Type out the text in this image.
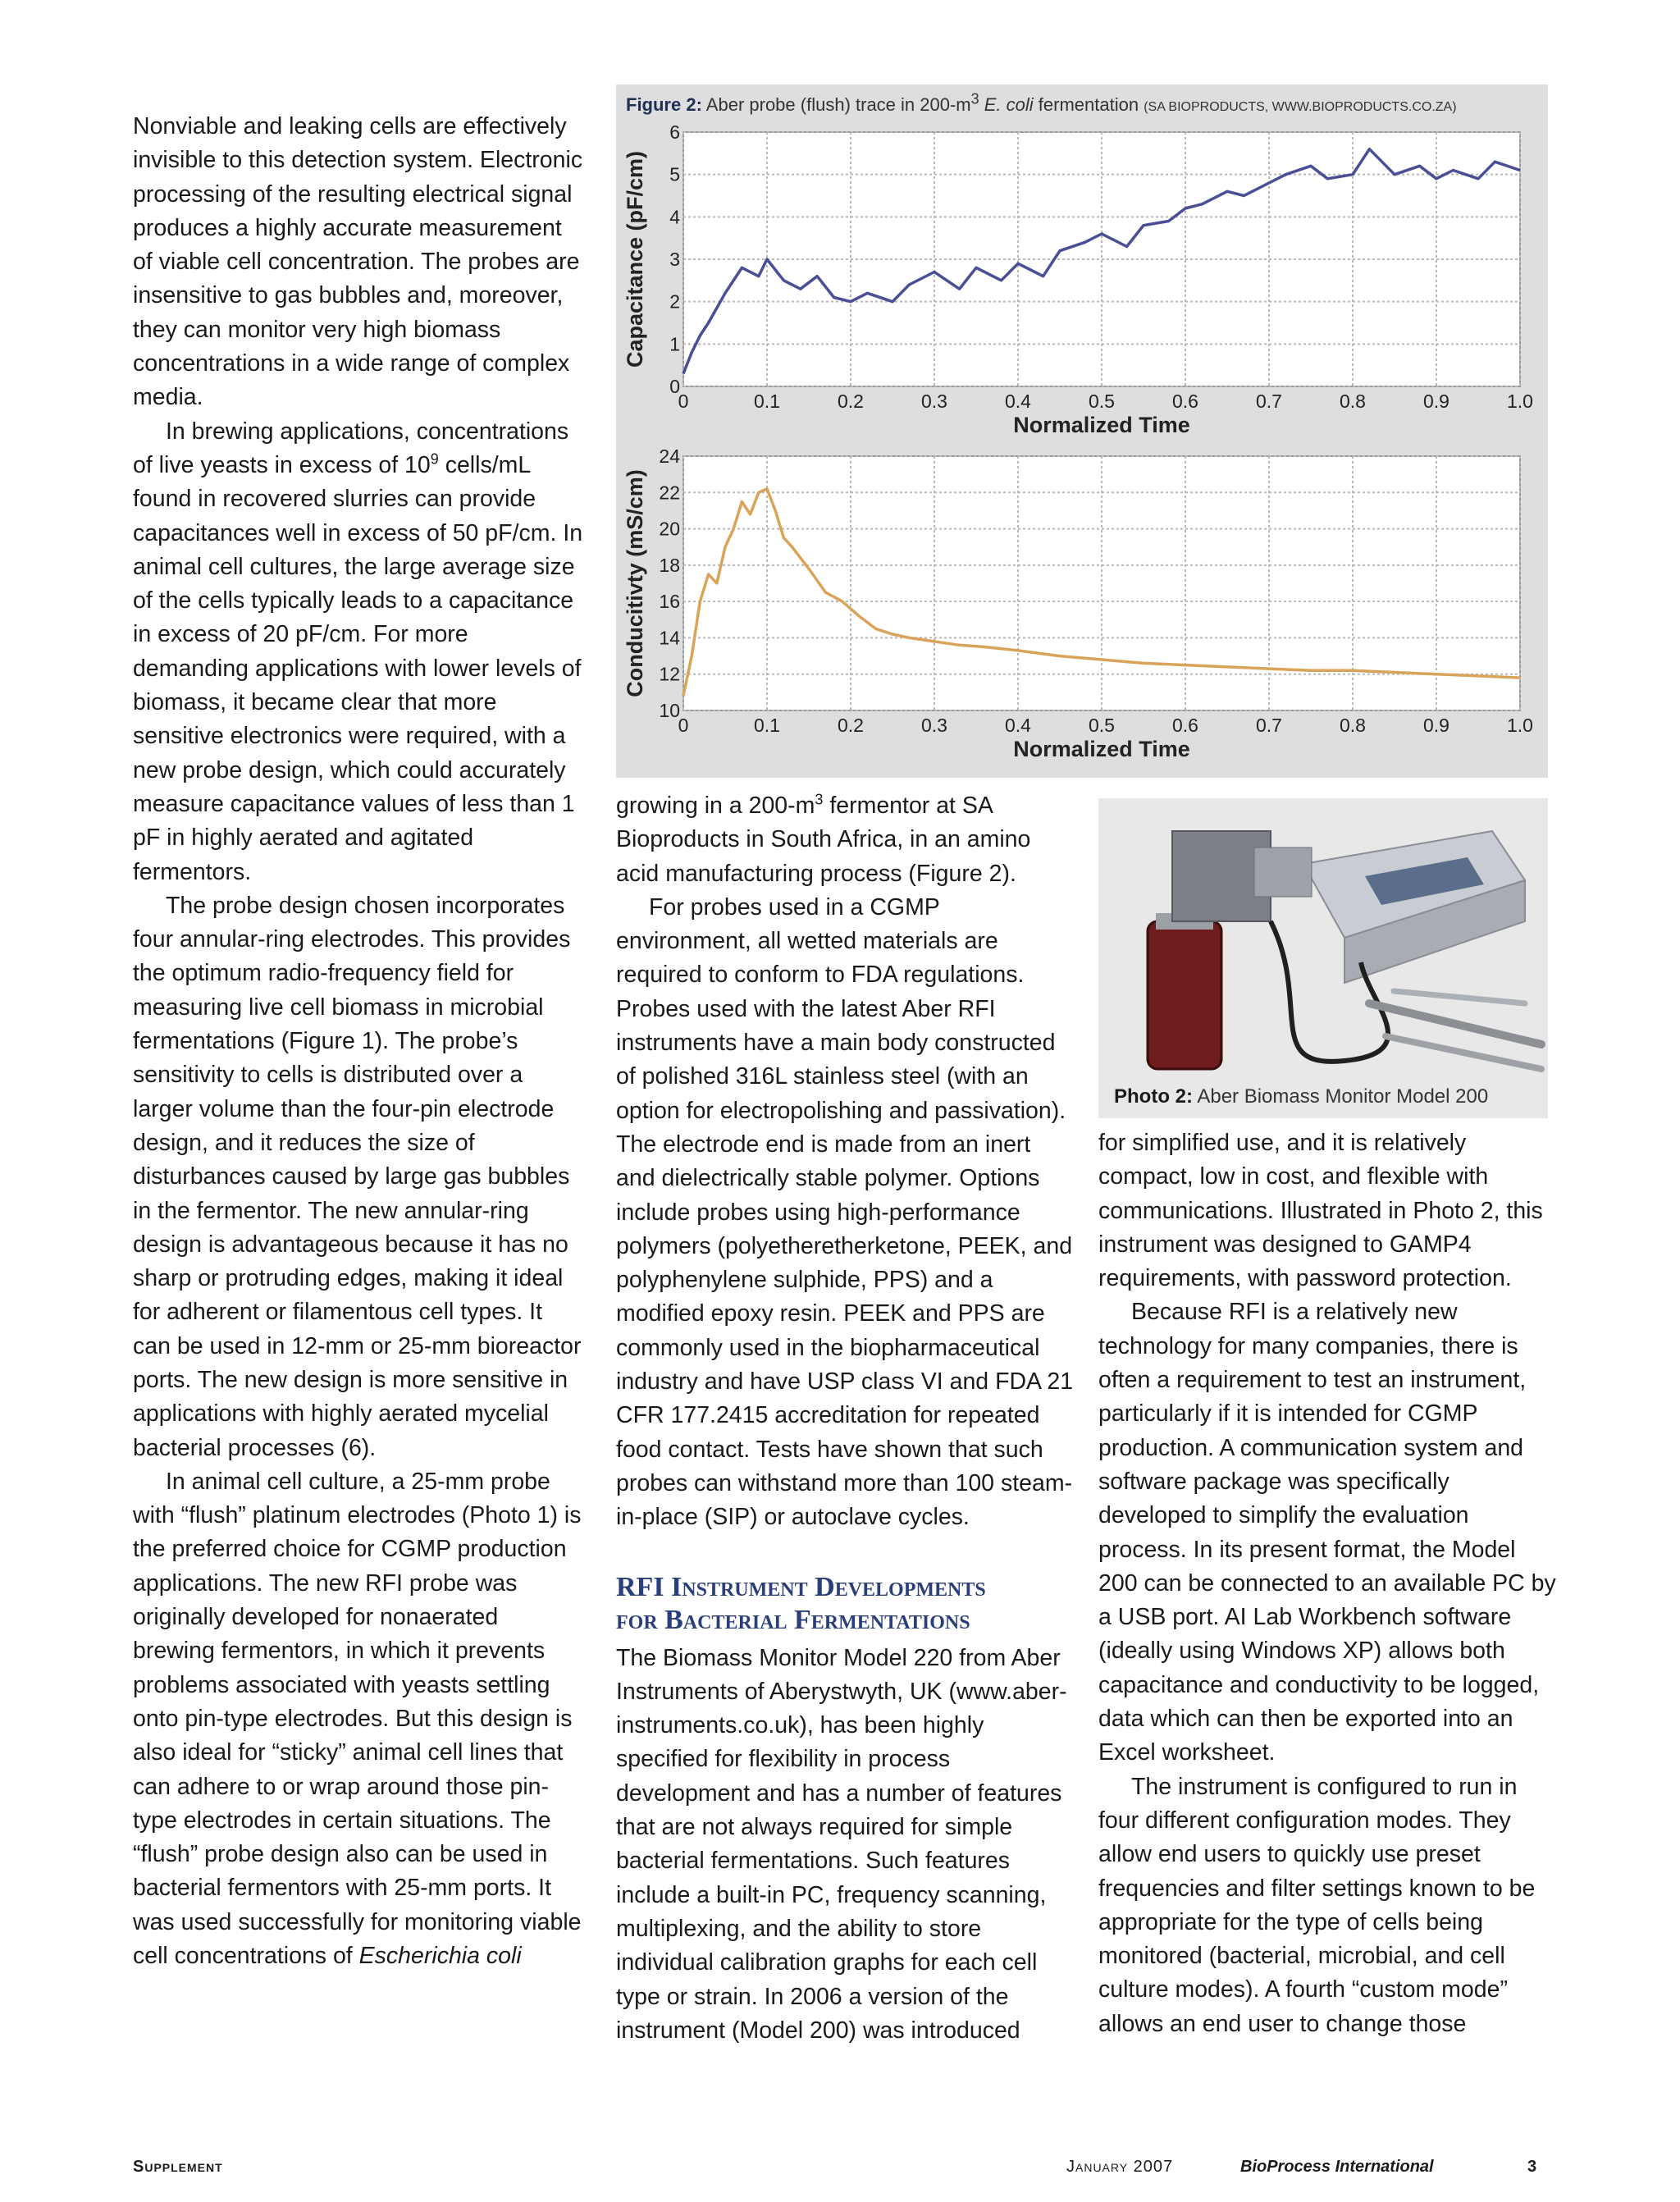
Nonviable and leaking cells are effectively invisible to this detection system. Electronic processing of the resulting electrical signal produces a highly accurate measurement of viable cell concentration. The probes are insensitive to gas bubbles and, moreover, they can monitor very high biomass concentrations in a wide range of complex media.

In brewing applications, concentrations of live yeasts in excess of $10^9$ cells/mL found in recovered slurries can provide capacitances well in excess of 50 pF/cm. In animal cell cultures, the large average size of the cells typically leads to a capacitance in excess of 20 pF/cm. For more demanding applications with lower levels of biomass, it became clear that more sensitive electronics were required, with a new probe design, which could accurately measure capacitance values of less than 1 pF in highly aerated and agitated fermentors.

The probe design chosen incorporates four annular-ring electrodes. This provides the optimum radio-frequency field for measuring live cell biomass in microbial fermentations (Figure 1). The probe’s sensitivity to cells is distributed over a larger volume than the four-pin electrode design, and it reduces the size of disturbances caused by large gas bubbles in the fermentor. The new annular-ring design is advantageous because it has no sharp or protruding edges, making it ideal for adherent or filamentous cell types. It can be used in 12-mm or 25-mm bioreactor ports. The new design is more sensitive in applications with highly aerated mycelial bacterial processes (6).

In animal cell culture, a 25-mm probe with “flush” platinum electrodes (Photo 1) is the preferred choice for CGMP production applications. The new RFI probe was originally developed for nonaerated brewing fermentors, in which it prevents problems associated with yeasts settling onto pin-type electrodes. But this design is also ideal for “sticky” animal cell lines that can adhere to or wrap around those pin-type electrodes in certain situations. The “flush” probe design also can be used in bacterial fermentors with 25-mm ports. It was used successfully for monitoring viable cell concentrations of Escherichia coli

Figure 2: Aber probe (flush) trace in $200-m^3$ E. coli fermentation (SA BIOPRODUCTS, WWW.BIOPRODUCTS.CO.ZA)
0	0.1	0.2	0.3	0.4	0.5	0.6	0.7	0.8	0.9	1.0
0
1
2
3
4
5
6
Normalized Time
Capacitance (pF/cm)
0	0.1	0.2	0.3	0.4	0.5	0.6	0.7	0.8	0.9	1.0
10
12
14
16
18
20
22
24
Normalized Time
Conducitivty (mS/cm)

growing in a $200-m^3$ fermentor at SA Bioproducts in South Africa, in an amino acid manufacturing process (Figure 2).

For probes used in a CGMP environment, all wetted materials are required to conform to FDA regulations. Probes used with the latest Aber RFI instruments have a main body constructed of polished 316L stainless steel (with an option for electropolishing and passivation). The electrode end is made from an inert and dielectrically stable polymer. Options include probes using high-performance polymers (polyetheretherketone, PEEK, and polyphenylene sulphide, PPS) and a modified epoxy resin. PEEK and PPS are commonly used in the biopharmaceutical industry and have USP class VI and FDA 21 CFR 177.2415 accreditation for repeated food contact. Tests have shown that such probes can withstand more than 100 steam-in-place (SIP) or autoclave cycles.

RFI Instrument Developments
for Bacterial Fermentations

The Biomass Monitor Model 220 from Aber Instruments of Aberystwyth, UK (www.aber-instruments.co.uk), has been highly specified for flexibility in process development and has a number of features that are not always required for simple bacterial fermentations. Such features include a built-in PC, frequency scanning, multiplexing, and the ability to store individual calibration graphs for each cell type or strain. In 2006 a version of the instrument (Model 200) was introduced

Photo 2: Aber Biomass Monitor Model 200

for simplified use, and it is relatively compact, low in cost, and flexible with communications. Illustrated in Photo 2, this instrument was designed to GAMP4 requirements, with password protection.

Because RFI is a relatively new technology for many companies, there is often a requirement to test an instrument, particularly if it is intended for CGMP production. A communication system and software package was specifically developed to simplify the evaluation process. In its present format, the Model 200 can be connected to an available PC by a USB port. AI Lab Workbench software (ideally using Windows XP) allows both capacitance and conductivity to be logged, data which can then be exported into an Excel worksheet.

The instrument is configured to run in four different configuration modes. They allow end users to quickly use preset frequencies and filter settings known to be appropriate for the type of cells being monitored (bacterial, microbial, and cell culture modes). A fourth “custom mode” allows an end user to change those

Supplement	January 2007	BioProcess International	3
